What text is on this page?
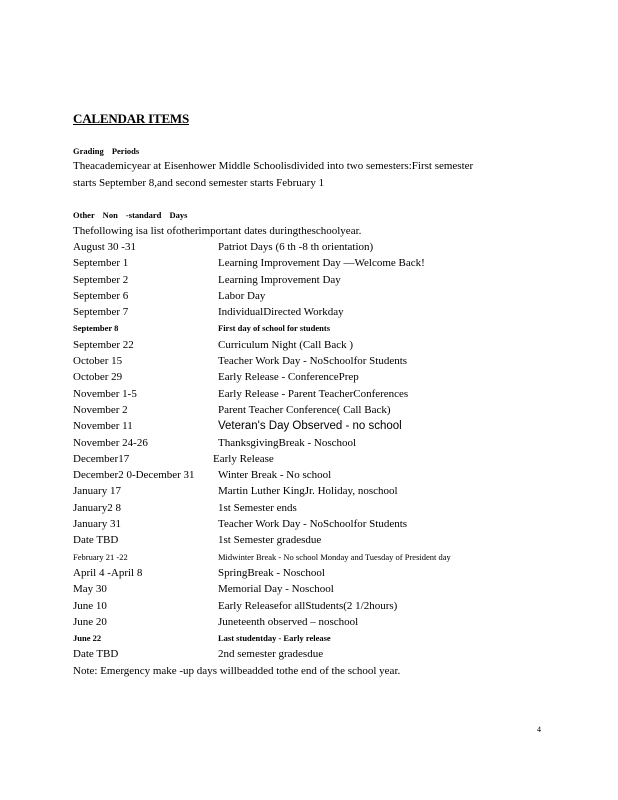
CALENDAR ITEMS
Grading Periods
Theacademicyear at Eisenhower Middle Schoolisdivided into two semesters:First semester
starts September 8,and second semester starts February 1
Other Non -standard Days
Thefollowing isa list ofotherimportant dates duringtheschoolyear.
August 30 -31	Patriot Days (6 th -8 th orientation)
September 1	Learning Improvement Day —Welcome Back!
September 2	Learning Improvement Day
September 6	Labor Day
September 7	IndividualDirected Workday
September 8	First day of school for students
September 22	Curriculum Night (Call Back )
October 15	Teacher Work Day - NoSchoolfor Students
October 29	Early Release - ConferencePrep
November 1-5	Early Release - Parent TeacherConferences
November 2	Parent Teacher Conference( Call Back)
November 11	Veteran's Day Observed - no school
November 24-26	ThanksgivingBreak - Noschool
December17	Early Release
December2 0-December 31 Winter Break - No school
January 17	Martin Luther KingJr. Holiday, noschool
January2 8	1st Semester ends
January 31	Teacher Work Day - NoSchoolfor Students
Date TBD	1st Semester gradesdue
February 21 -22	Midwinter Break - No school Monday and Tuesday of President day
April 4 -April 8	SpringBreak - Noschool
May 30	Memorial Day - Noschool
June 10	Early Releasefor allStudents(2 1/2hours)
June 20	Juneteenth observed – noschool
June 22	Last studentday - Early release
Date TBD	2nd semester gradesdue
Note: Emergency make -up days willbeadded tothe end of the school year.
4
